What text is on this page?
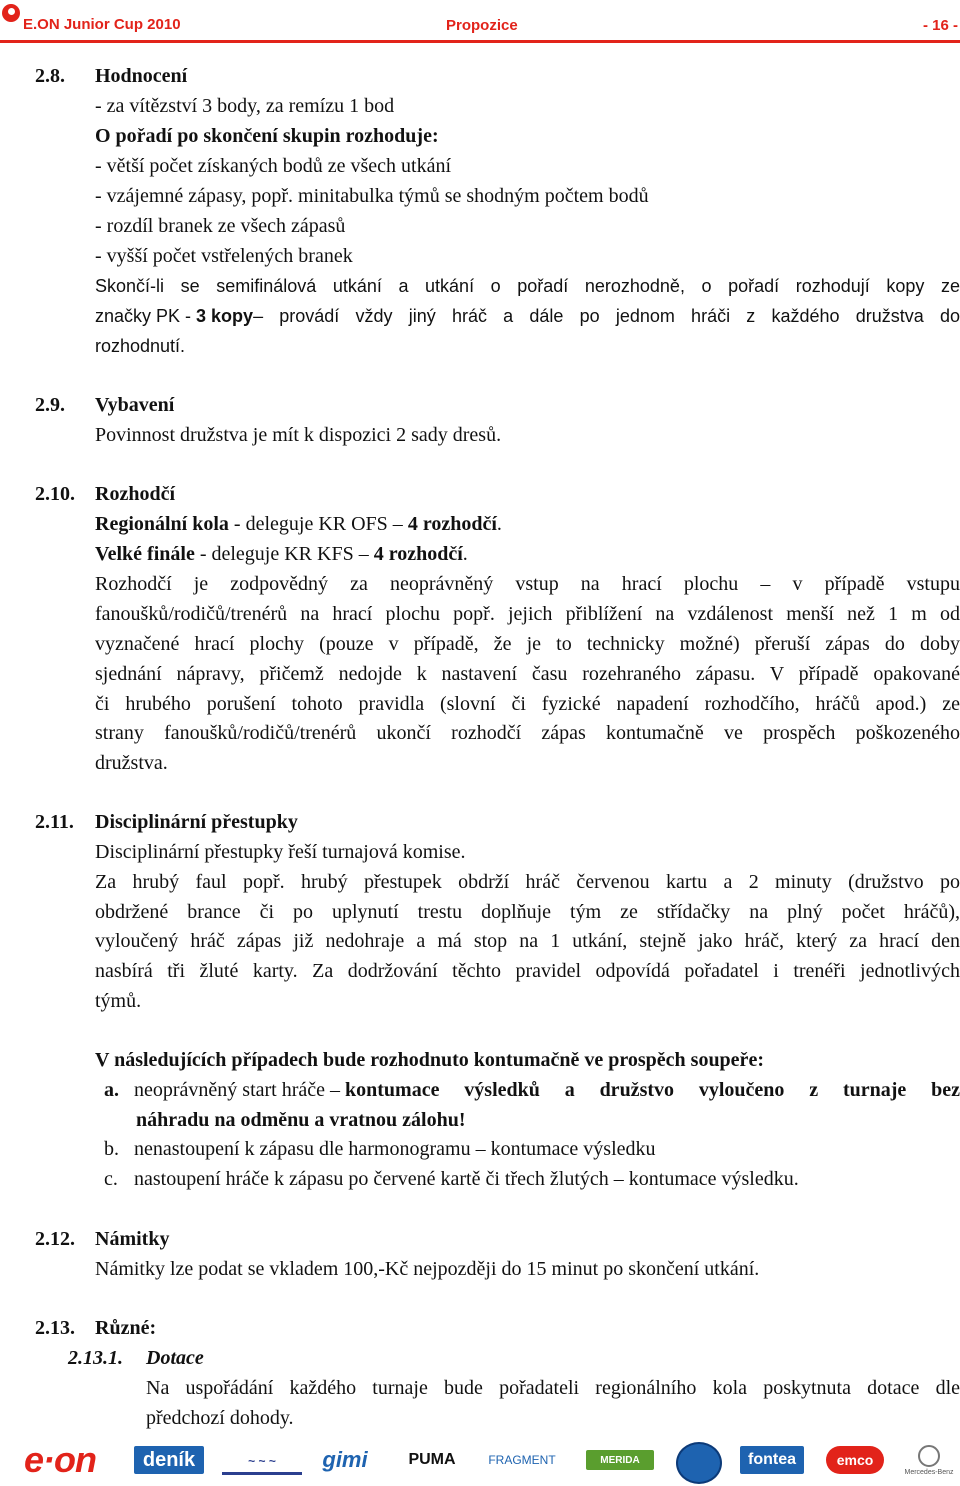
E.ON Junior Cup 2010	Propozice	- 16 -
2.8. Hodnocení
- za vítězství 3 body, za remízu 1 bod
O pořadí po skončení skupin rozhoduje:
- větší počet získaných bodů ze všech utkání
- vzájemné zápasy, popř. minitabulka týmů se shodným počtem bodů
- rozdíl branek ze všech zápasů
- vyšší počet vstřelených branek
Skončí-li se semifinálová utkání a utkání o pořadí nerozhodně, o pořadí rozhodují kopy ze
značky PK - 3 kopy – provádí vždy jiný hráč a dále po jednom hráči z každého družstva do
rozhodnutí.
2.9. Vybavení
Povinnost družstva je mít k dispozici 2 sady dresů.
2.10. Rozhodčí
Regionální kola - deleguje KR OFS – 4 rozhodčí.
Velké finále - deleguje KR KFS – 4 rozhodčí.
Rozhodčí je zodpovědný za neoprávněný vstup na hrací plochu – v případě vstupu
fanoušků/rodičů/trenérů na hrací plochu popř. jejich přiblížení na vzdálenost menší než 1 m od
vyznačené hrací plochy (pouze v případě, že je to technicky možné) přeruší zápas do doby
sjednání nápravy, přičemž nedojde k nastavení času rozehraného zápasu. V případě opakované
či hrubého porušení tohoto pravidla (slovní či fyzické napadení rozhodčího, hráčů apod.) ze
strany fanoušků/rodičů/trenérů ukončí rozhodčí zápas kontumačně ve prospěch poškozeného
družstva.
2.11. Disciplinární přestupky
Disciplinární přestupky řeší turnajová komise.
Za hrubý faul popř. hrubý přestupek obdrží hráč červenou kartu a 2 minuty (družstvo po
obdržené brance či po uplynutí trestu doplňuje tým ze střídačky na plný počet hráčů),
vyloučený hráč zápas již nedohraje a má stop na 1 utkání, stejně jako hráč, který za hrací den
nasbírá tři žluté karty. Za dodržování těchto pravidel odpovídá pořadatel i trenéři jednotlivých
týmů.
V následujících případech bude rozhodnuto kontumačně ve prospěch soupeře:
a. neoprávněný start hráče – kontumace výsledků a družstvo vyloučeno z turnaje bez
náhradu na odměnu a vratnou zálohu!
b. nenastoupení k zápasu dle harmonogramu – kontumace výsledku
c. nastoupení hráče k zápasu po červené kartě či třech žlutých – kontumace výsledku.
2.12. Námitky
Námitky lze podat se vkladem 100,-Kč nejpozději do 15 minut po skončení utkání.
2.13. Různé:
2.13.1. Dotace
Na uspořádání každého turnaje bude pořadateli regionálního kola poskytnuta dotace dle
předchozí dohody.
e·on	deník	~ ~ ~	gimi	PUMA	FRAGMENT	MERIDA	fontea	emco
Mercedes-Benz
